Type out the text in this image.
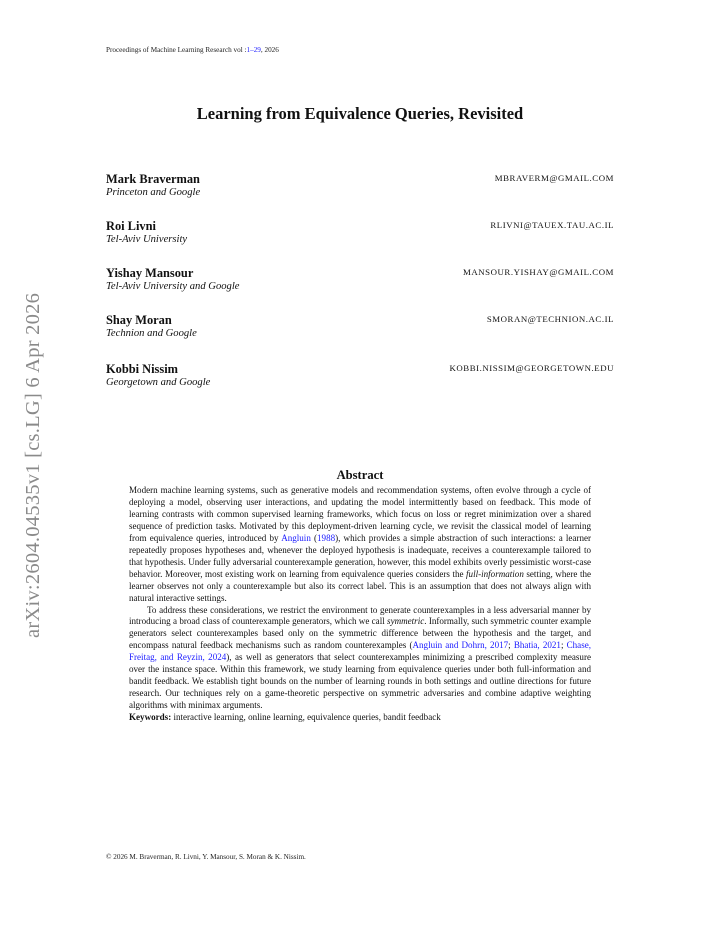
Proceedings of Machine Learning Research vol :1–29, 2026
Learning from Equivalence Queries, Revisited
Mark Braverman
Princeton and Google
MBRAVERM@GMAIL.COM
Roi Livni
Tel-Aviv University
RLIVNI@TAUEX.TAU.AC.IL
Yishay Mansour
Tel-Aviv University and Google
MANSOUR.YISHAY@GMAIL.COM
Shay Moran
Technion and Google
SMORAN@TECHNION.AC.IL
Kobbi Nissim
Georgetown and Google
KOBBI.NISSIM@GEORGETOWN.EDU
arXiv:2604.04535v1 [cs.LG] 6 Apr 2026	Abstract

Modern machine learning systems, such as generative models and recommendation systems, often evolve through a cycle of deploying a model, observing user interactions, and updating the model intermittently based on feedback. This mode of learning contrasts with common supervised learning frameworks, which focus on loss or regret minimization over a shared sequence of prediction tasks. Motivated by this deployment-driven learning cycle, we revisit the classical model of learning from equivalence queries, introduced by Angluin (1988), which provides a simple abstraction of such interactions: a learner repeatedly proposes hypotheses and, whenever the deployed hypothesis is inadequate, receives a counterexample tailored to that hypothesis. Under fully adversarial counterexample generation, however, this model exhibits overly pessimistic worst-case behavior. Moreover, most existing work on learning from equivalence queries considers the full-information setting, where the learner observes not only a counterexample but also its correct label. This is an assumption that does not always align with natural interactive settings.

To address these considerations, we restrict the environment to generate counterexamples in a less adversarial manner by introducing a broad class of counterexample generators, which we call symmetric. Informally, such symmetric counter example generators select counterexamples based only on the symmetric difference between the hypothesis and the target, and encompass natural feedback mechanisms such as random counterexamples (Angluin and Dohrn, 2017; Bhatia, 2021; Chase, Freitag, and Reyzin, 2024), as well as generators that select counterexamples minimizing a prescribed complexity measure over the instance space. Within this framework, we study learning from equivalence queries under both full-information and bandit feedback. We establish tight bounds on the number of learning rounds in both settings and outline directions for future research. Our techniques rely on a game-theoretic perspective on symmetric adversaries and combine adaptive weighting algorithms with minimax arguments.

Keywords: interactive learning, online learning, equivalence queries, bandit feedback

© 2026 M. Braverman, R. Livni, Y. Mansour, S. Moran & K. Nissim.
